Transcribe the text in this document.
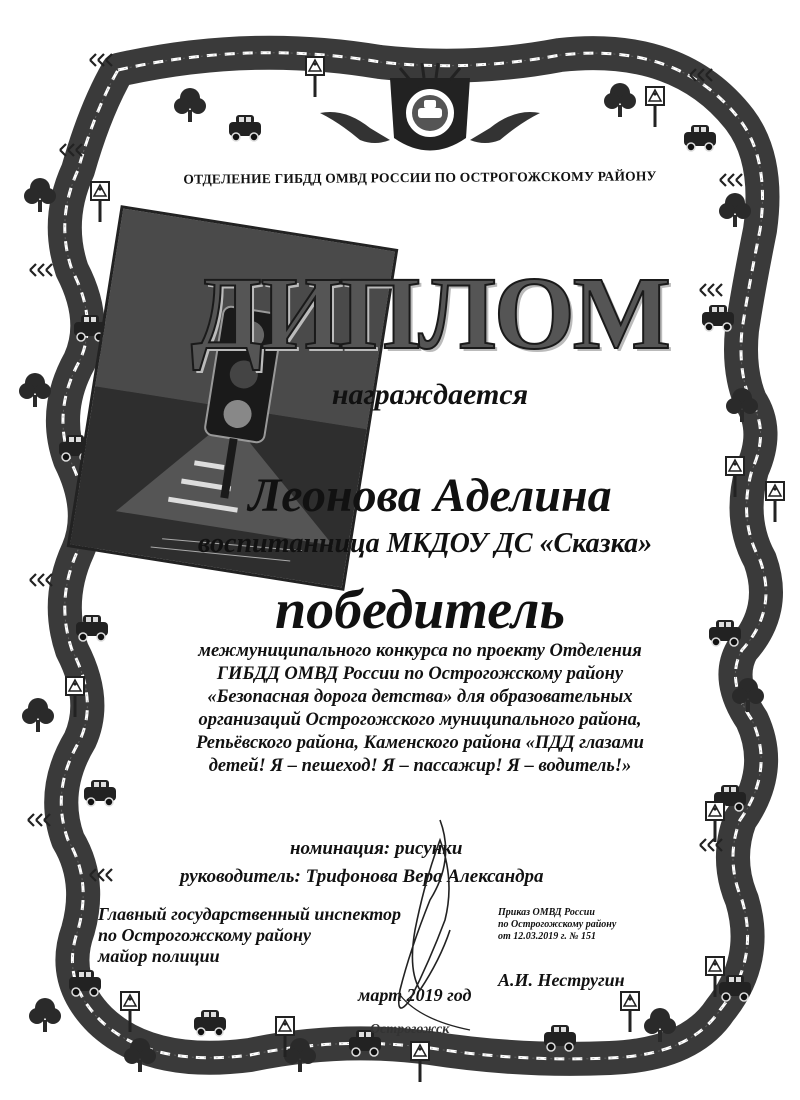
ОТДЕЛЕНИЕ ГИБДД ОМВД РОССИИ ПО ОСТРОГОЖСКОМУ РАЙОНУ
ДИПЛОМ
награждается
Леонова Аделина
воспитанница МКДОУ ДС «Сказка»
победитель
межмуниципального конкурса по проекту Отделения
ГИБДД ОМВД России по Острогожскому району
«Безопасная дорога детства» для образовательных
организаций Острогожского муниципального района,
Репьёвского района, Каменского района «ПДД глазами
детей! Я – пешеход! Я – пассажир! Я – водитель!»
номинация: рисунки
руководитель: Трифонова Вера Александра
Главный государственный инспектор
по Острогожскому району
майор полиции
Приказ ОМВД России
по Острогожскому району
от 12.03.2019 г. № 151
А.И. Нестругин
март 2019 год
Острогожск
